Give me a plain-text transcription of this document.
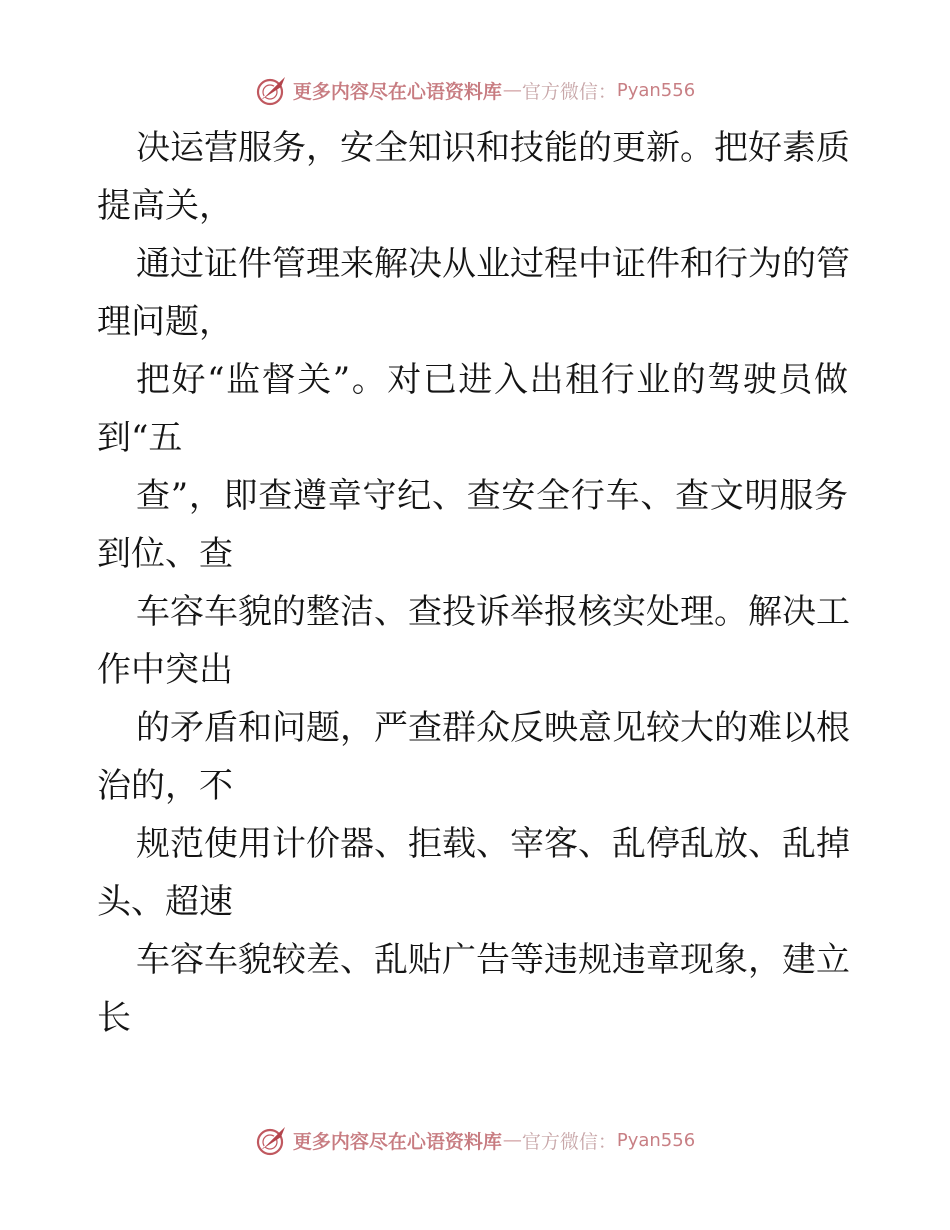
更多内容尽在心语资料库 — 官方微信： Pyan556
决运营服务，安全知识和技能的更新。把好素质
提高关，
通过证件管理来解决从业过程中证件和行为的管
理问题，
把好“监督关”。对已进入出租行业的驾驶员做
到“五
查”，即查遵章守纪、查安全行车、查文明服务
到位、查
车容车貌的整洁、查投诉举报核实处理。解决工
作中突出
的矛盾和问题，严查群众反映意见较大的难以根
治的，不
规范使用计价器、拒载、宰客、乱停乱放、乱掉
头、超速
车容车貌较差、乱贴广告等违规违章现象，建立
长
更多内容尽在心语资料库 — 官方微信： Pyan556
